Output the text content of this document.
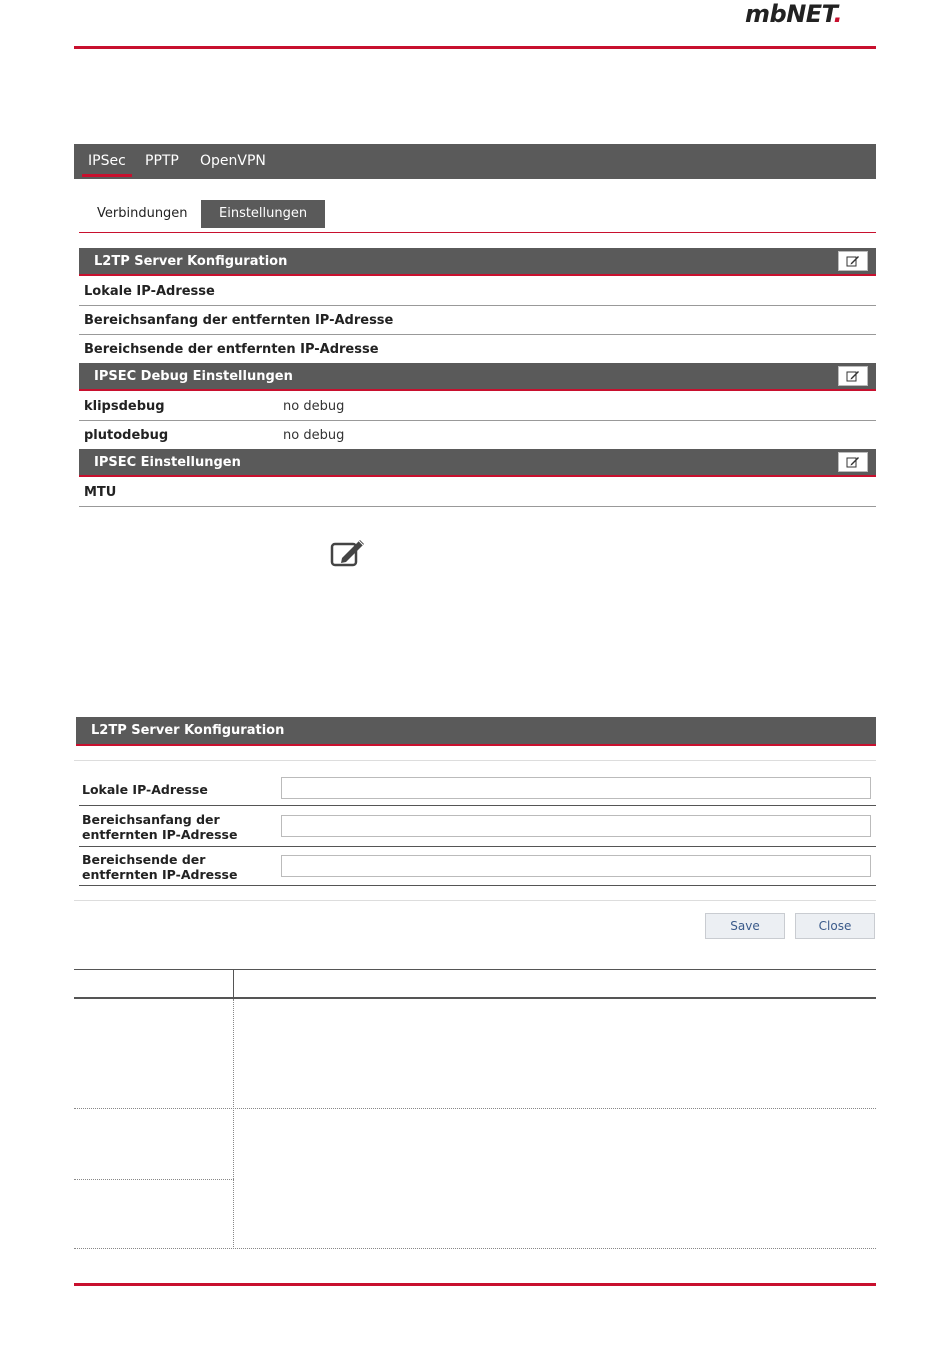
mbNET.
IPSec PPTP OpenVPN
Verbindungen	Einstellungen
L2TP Server Konfiguration
Lokale IP-Adresse
Bereichsanfang der entfernten IP-Adresse
Bereichsende der entfernten IP-Adresse
IPSEC Debug Einstellungen
klipsdebug	no debug
plutodebug	no debug
IPSEC Einstellungen
MTU
L2TP Server Konfiguration
Lokale IP-Adresse
Bereichsanfang der entfernten IP-Adresse
Bereichsende der entfernten IP-Adresse
Save	Close
